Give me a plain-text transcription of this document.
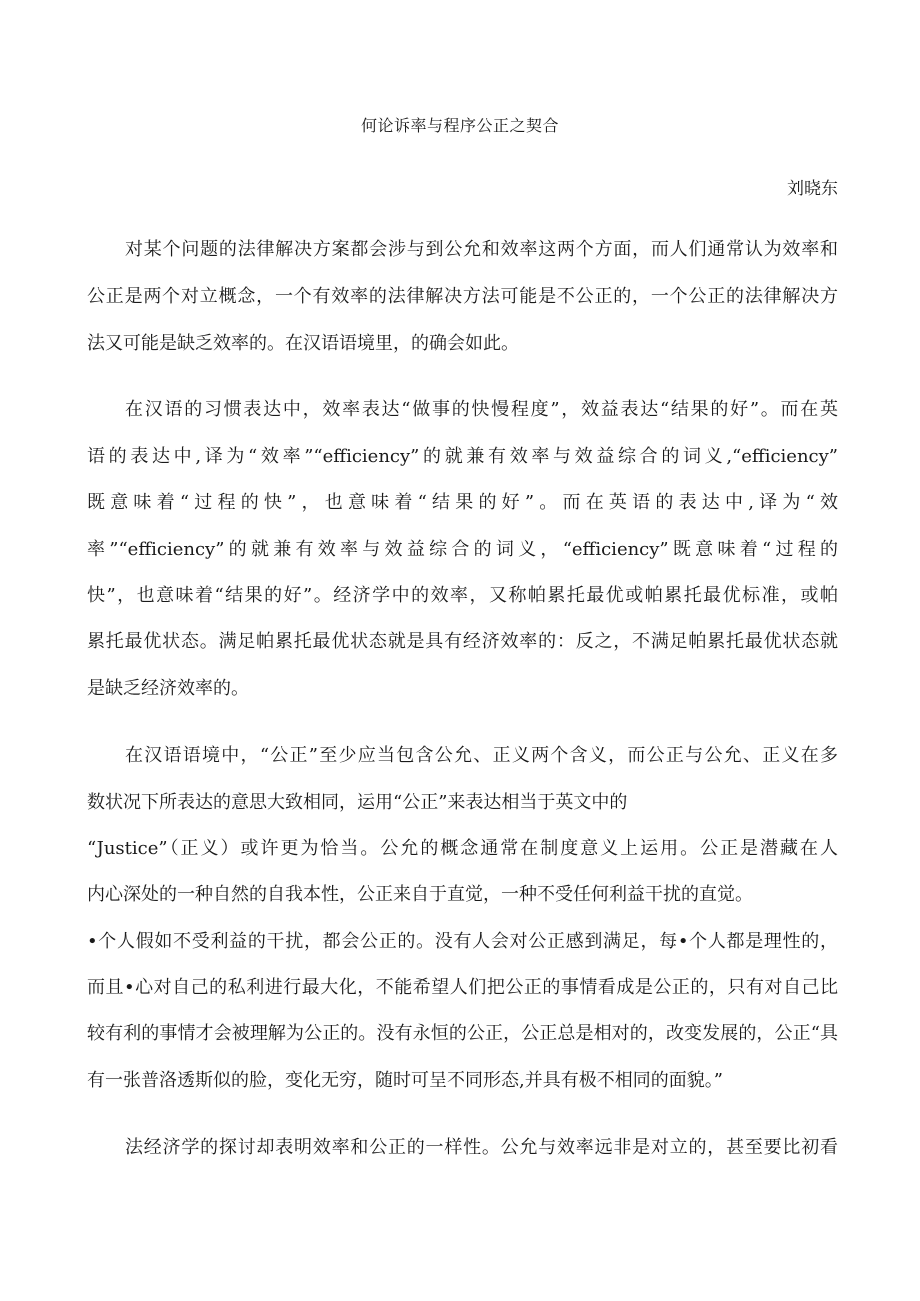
何论诉率与程序公正之契合
刘晓东
对某个问题的法律解决方案都会涉与到公允和效率这两个方面，而人们通常认为效率和
公正是两个对立概念，一个有效率的法律解决方法可能是不公正的，一个公正的法律解决方
法又可能是缺乏效率的。在汉语语境里，的确会如此。
在汉语的习惯表达中，效率表达“做事的快慢程度”，效益表达“结果的好”。而在英
语的表达中,译为“效率”“efficiency”的就兼有效率与效益综合的词义,“efficiency”
既意味着“过程的快”，也意味着“结果的好”。而在英语的表达中,译为“效
率”“efficiency”的就兼有效率与效益综合的词义，“efficiency”既意味着“过程的
快”，也意味着“结果的好”。经济学中的效率，又称帕累托最优或帕累托最优标准，或帕
累托最优状态。满足帕累托最优状态就是具有经济效率的：反之，不满足帕累托最优状态就
是缺乏经济效率的。
在汉语语境中，“公正”至少应当包含公允、正义两个含义，而公正与公允、正义在多
数状况下所表达的意思大致相同，运用“公正”来表达相当于英文中的
“Justice”（正义）或许更为恰当。公允的概念通常在制度意义上运用。公正是潜藏在人
内心深处的一种自然的自我本性，公正来自于直觉，一种不受任何利益干扰的直觉。
•个人假如不受利益的干扰，都会公正的。没有人会对公正感到满足，每•个人都是理性的，
而且•心对自己的私利进行最大化，不能希望人们把公正的事情看成是公正的，只有对自己比
较有利的事情才会被理解为公正的。没有永恒的公正，公正总是相对的，改变发展的，公正“具
有一张普洛透斯似的脸，变化无穷，随时可呈不同形态,并具有极不相同的面貌。”
法经济学的探讨却表明效率和公正的一样性。公允与效率远非是对立的，甚至要比初看
